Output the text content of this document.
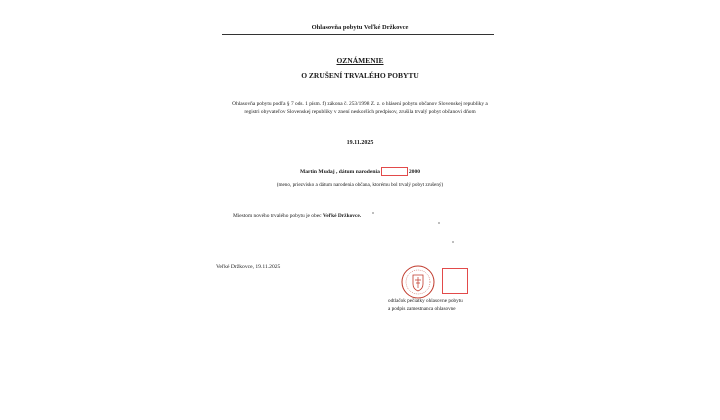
Ohlasovňa pobytu Veľké Držkovce
OZNÁMENIE
O ZRUŠENÍ TRVALÉHO POBYTU
Ohlasovňa pobytu podľa § 7 ods. 1 písm. f) zákona č. 253/1998 Z. z. o hlásení pobytu občanov Slovenskej republiky a registri obyvateľov Slovenskej republiky v znení neskorších predpisov, zrušila trvalý pobyt občanovi dňom
19.11.2025
Martin Mudaj , dátum narodenia	2000
(meno, priezvisko a dátum narodenia občana, ktorému bol trvalý pobyt zrušený)
Miestom nového trvalého pobytu je obec Veľké Držkovce.
Veľké Držkovce, 19.11.2025
odtlačok pečiatky ohlasovne pobytu
a podpis zamestnanca ohlasovne
